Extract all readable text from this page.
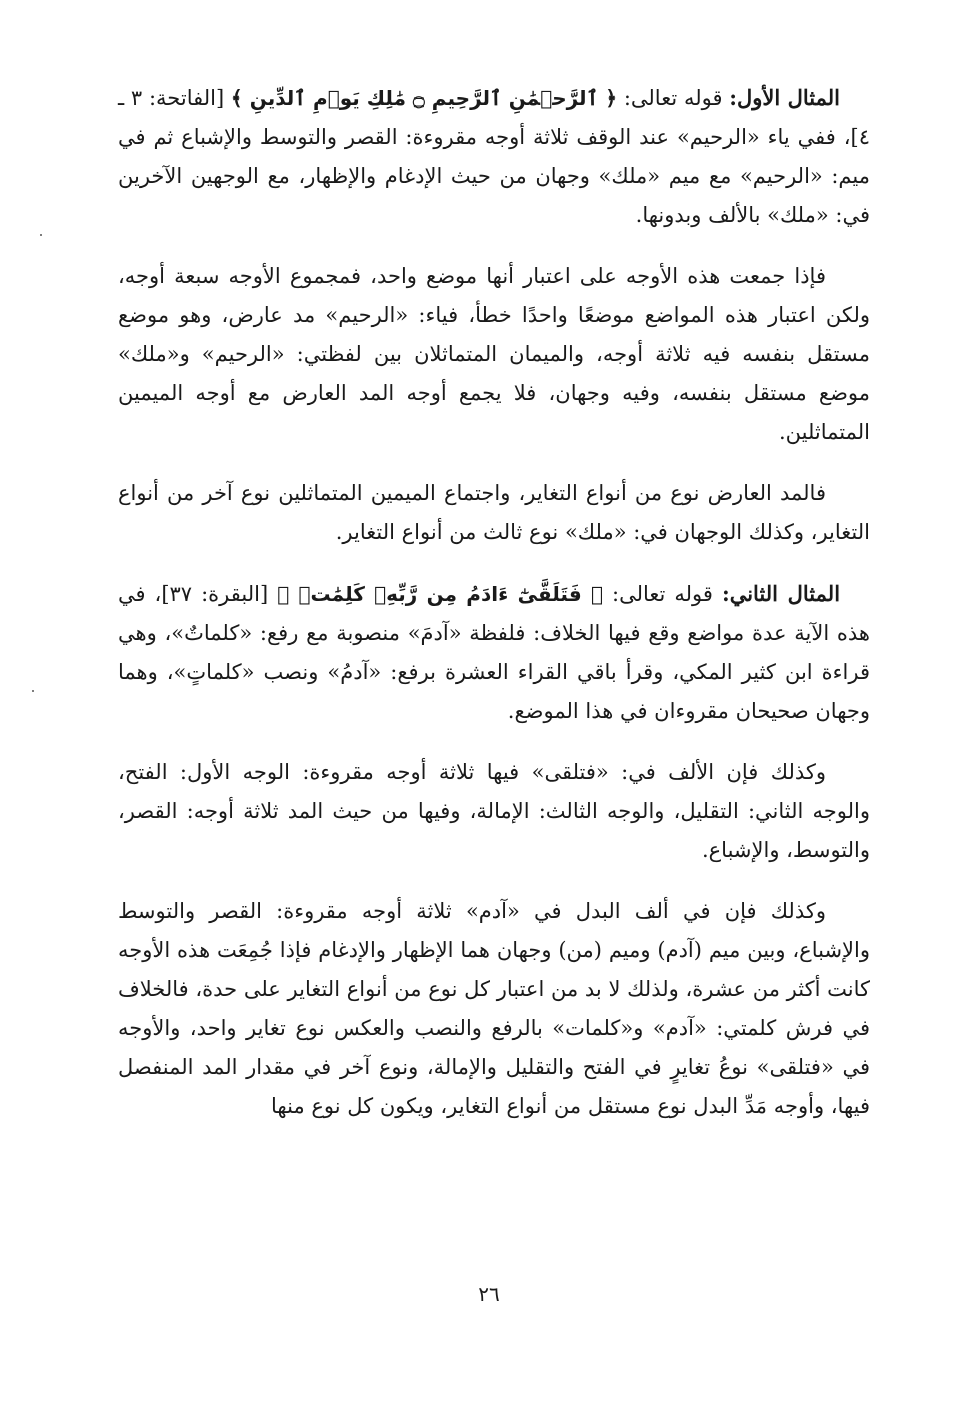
المثال الأول: قوله تعالى: ﴿ ٱلرَّحۡمَٰنِ ٱلرَّحِيمِ ۝ مَٰلِكِ يَوۡمِ ٱلدِّينِ ﴾ [الفاتحة: ٣ ـ ٤]، ففي ياء «الرحيم» عند الوقف ثلاثة أوجه مقروءة: القصر والتوسط والإشباع ثم في ميم: «الرحيم» مع ميم «ملك» وجهان من حيث الإدغام والإظهار، مع الوجهين الآخرين في: «ملك» بالألف وبدونها.

فإذا جمعت هذه الأوجه على اعتبار أنها موضع واحد، فمجموع الأوجه سبعة أوجه، ولكن اعتبار هذه المواضع موضعًا واحدًا خطأ، فياء: «الرحيم» مد عارض، وهو موضع مستقل بنفسه فيه ثلاثة أوجه، والميمان المتماثلان بين لفظتي: «الرحيم» و«ملك» موضع مستقل بنفسه، وفيه وجهان، فلا يجمع أوجه المد العارض مع أوجه الميمين المتماثلين.

فالمد العارض نوع من أنواع التغاير، واجتماع الميمين المتماثلين نوع آخر من أنواع التغاير، وكذلك الوجهان في: «ملك» نوع ثالث من أنواع التغاير.

المثال الثاني: قوله تعالى: ﴿ فَتَلَقَّىٰٓ ءَادَمُ مِن رَّبِّهِۦ كَلِمَٰتٖ ﴾ [البقرة: ٣٧]، في هذه الآية عدة مواضع وقع فيها الخلاف: فلفظة «آدمَ» منصوبة مع رفع: «كلماتٌ»، وهي قراءة ابن كثير المكي، وقرأ باقي القراء العشرة برفع: «آدمُ» ونصب «كلماتٍ»، وهما وجهان صحيحان مقروءان في هذا الموضع.

وكذلك فإن الألف في: «فتلقى» فيها ثلاثة أوجه مقروءة: الوجه الأول: الفتح، والوجه الثاني: التقليل، والوجه الثالث: الإمالة، وفيها من حيث المد ثلاثة أوجه: القصر، والتوسط، والإشباع.

وكذلك فإن في ألف البدل في «آدم» ثلاثة أوجه مقروءة: القصر والتوسط والإشباع، وبين ميم (آدم) وميم (من) وجهان هما الإظهار والإدغام فإذا جُمِعَت هذه الأوجه كانت أكثر من عشرة، ولذلك لا بد من اعتبار كل نوع من أنواع التغاير على حدة، فالخلاف في فرش كلمتي: «آدم» و«كلمات» بالرفع والنصب والعكس نوع تغاير واحد، والأوجه في «فتلقى» نوعُ تغايرٍ في الفتح والتقليل والإمالة، ونوع آخر في مقدار المد المنفصل فيها، وأوجه مَدِّ البدل نوع مستقل من أنواع التغاير، ويكون كل نوع منها

٢٦
